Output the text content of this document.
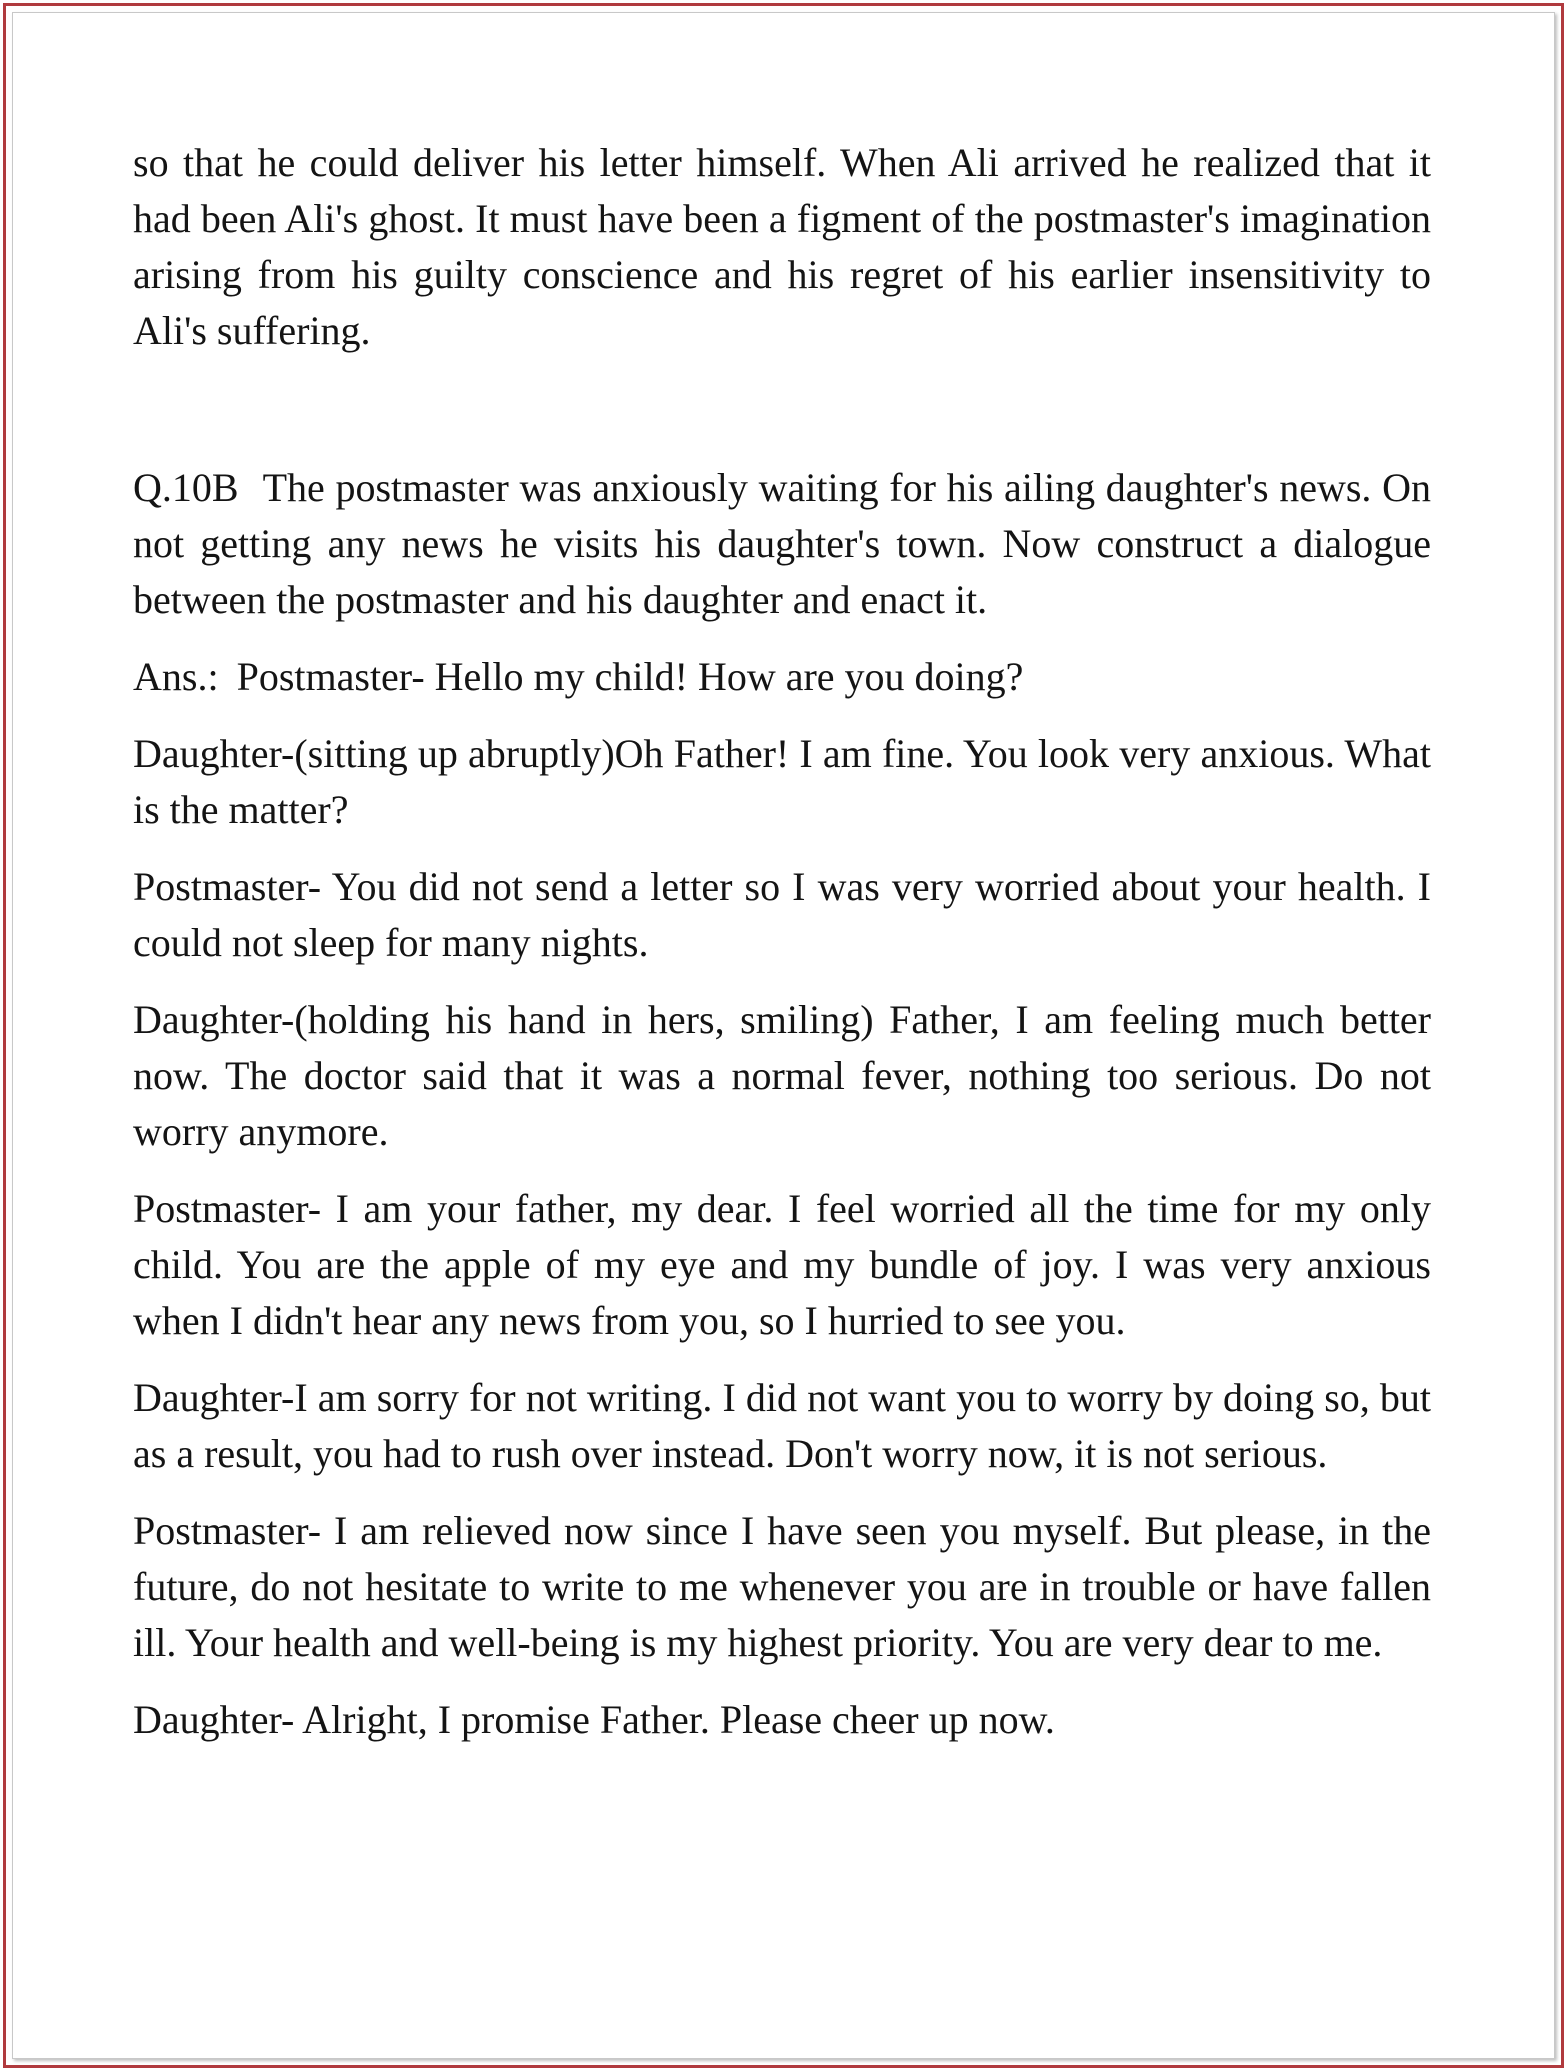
so that he could deliver his letter himself. When Ali arrived he realized that it had been Ali's ghost. It must have been a figment of the postmaster's imagination arising from his guilty conscience and his regret of his earlier insensitivity to Ali's suffering.

Q.10B The postmaster was anxiously waiting for his ailing daughter's news. On not getting any news he visits his daughter's town. Now construct a dialogue between the postmaster and his daughter and enact it.

Ans.: Postmaster- Hello my child! How are you doing?

Daughter-(sitting up abruptly)Oh Father! I am fine. You look very anxious. What is the matter?

Postmaster- You did not send a letter so I was very worried about your health. I could not sleep for many nights.

Daughter-(holding his hand in hers, smiling) Father, I am feeling much better now. The doctor said that it was a normal fever, nothing too serious. Do not worry anymore.

Postmaster- I am your father, my dear. I feel worried all the time for my only child. You are the apple of my eye and my bundle of joy. I was very anxious when I didn't hear any news from you, so I hurried to see you.

Daughter-I am sorry for not writing. I did not want you to worry by doing so, but as a result, you had to rush over instead. Don't worry now, it is not serious.

Postmaster- I am relieved now since I have seen you myself. But please, in the future, do not hesitate to write to me whenever you are in trouble or have fallen ill. Your health and well-being is my highest priority. You are very dear to me.

Daughter- Alright, I promise Father. Please cheer up now.
